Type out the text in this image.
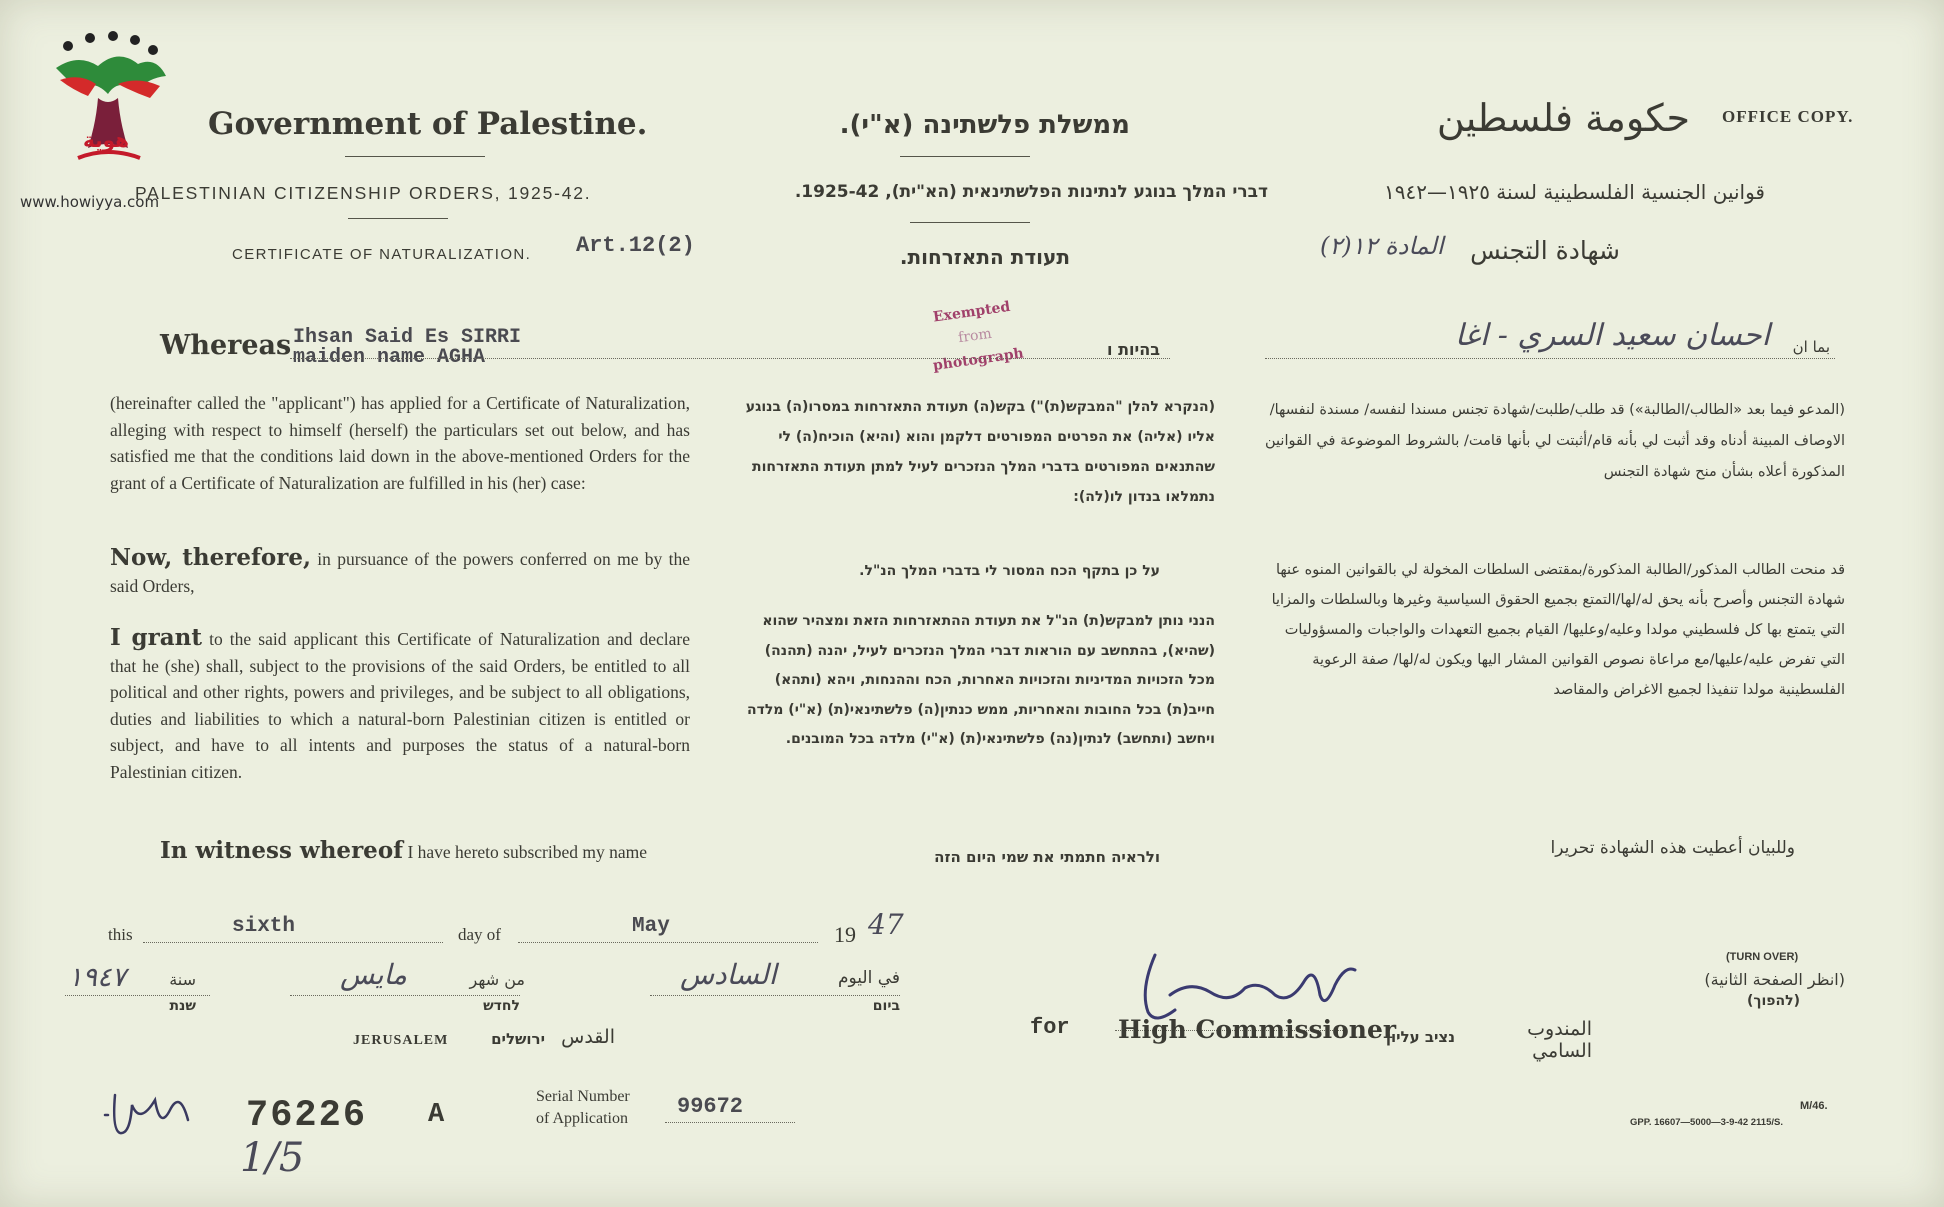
هوية
www.howiyya.com
Government of Palestine.	ממשלת פלשתינה (א"י).	حكومة فلسطين OFFICE COPY.
PALESTINIAN CITIZENSHIP ORDERS, 1925-42.	דברי המלך בנוגע לנתינות הפלשתינאית (הא"ית), 1925-42.	قوانين الجنسية الفلسطينية لسنة ١٩٢٥—١٩٤٢
CERTIFICATE OF NATURALIZATION. Art.12(2)	תעודת התאזרחות.	شهادة التجنس
المادة ١٢(٢)
Exempted
from
photograph
Whereas Ihsan Said Es SIRRI
maiden name AGHA	בהיות ו	احسان سعيد السري - اغا	بما ان
(hereinafter called the "applicant") has applied for a Certificate of Naturalization, alleging with respect to himself (herself) the particulars set out below, and has satisfied me that the conditions laid down in the above-mentioned Orders for the grant of a Certificate of Naturalization are fulfilled in his (her) case:
(הנקרא להלן "המבקש(ת)") בקש(ה) תעודת התאזרחות במסרו(ה) בנוגע אליו (אליה) את הפרטים המפורטים דלקמן והוא (והיא) הוכיח(ה) לי שהתנאים המפורטים בדברי המלך הנזכרים לעיל למתן תעודת התאזרחות נתמלאו בנדון לו(לה):
(المدعو فيما بعد «الطالب/الطالبة») قد طلب/طلبت/شهادة تجنس مسندا لنفسه/ مسندة لنفسها/الاوصاف المبينة أدناه وقد أثبت لي بأنه قام/أثبتت لي بأنها قامت/ بالشروط الموضوعة في القوانين المذكورة أعلاه بشأن منح شهادة التجنس
Now, therefore, in pursuance of the powers conferred on me by the said Orders,
על כן בתקף הכח המסור לי בדברי המלך הנ"ל.
I grant to the said applicant this Certificate of Naturalization and declare that he (she) shall, subject to the provisions of the said Orders, be entitled to all political and other rights, powers and privileges, and be subject to all obligations, duties and liabilities to which a natural-born Palestinian citizen is entitled or subject, and have to all intents and purposes the status of a natural-born Palestinian citizen.
הנני נותן למבקש(ת) הנ"ל את תעודת ההתאזרחות הזאת ומצהיר שהוא (שהיא), בהתחשב עם הוראות דברי המלך הנזכרים לעיל, יהנה (תהנה) מכל הזכויות המדיניות והזכויות האחרות, הכח וההנחות, ויהא (ותהא) חייב(ת) בכל החובות והאחריות, ממש כנתין(ה) פלשתינאי(ת) (א"י) מלדה ויחשב (ותחשב) לנתין(נה) פלשתינאי(ת) (א"י) מלדה בכל המובנים.
قد منحت الطالب المذكور/الطالبة المذكورة/بمقتضى السلطات المخولة لي بالقوانين المنوه عنها شهادة التجنس وأصرح بأنه يحق له/لها/التمتع بجميع الحقوق السياسية وغيرها وبالسلطات والمزايا التي يتمتع بها كل فلسطيني مولدا وعليه/وعليها/ القيام بجميع التعهدات والواجبات والمسؤوليات التي تفرض عليه/عليها/مع مراعاة نصوص القوانين المشار اليها ويكون له/لها/ صفة الرعوية الفلسطينية مولدا تنفيذا لجميع الاغراض والمقاصد
In witness whereof I have hereto subscribed my name	ולראיה חתמתי את שמי היום הזה	وللبيان أعطيت هذه الشهادة تحريرا
this	sixth	day of	May	19 47
١٩٤٧	سنة
שנת
مايس	من شهر
לחדש
السادس	في اليوم
ביום
JERUSALEM	ירושלים القدس	for High Commissioner
נציב עליון	المندوب السامي
(TURN OVER)
(انظر الصفحة الثانية)
(להפוך)
76226 A
1/5
Serial Number
of Application 99672	M/46.
GPP. 16607—5000—3-9-42 2115/S.
